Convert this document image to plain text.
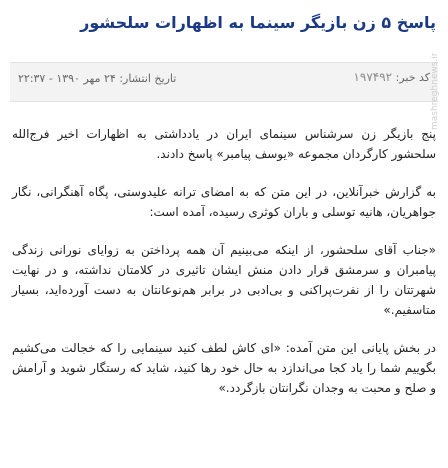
پاسخ ۵ زن بازیگر سینما به اظهارات سلحشور
کد خبر: ۱۹۷۴۹۲
تاریخ انتشار: ۲۴ مهر ۱۳۹۰ - ۲۲:۳۷

پنج بازیگر زن سرشناس سینمای ایران در یادداشتی به اظهارات اخیر فرج‌الله سلحشور کارگردان مجموعه «یوسف پیامبر» پاسخ دادند.

به گزارش خبرآنلاین، در این متن که به امضای ترانه علیدوستی، پگاه آهنگرانی، نگار جواهریان، هانیه توسلی و باران کوثری رسیده، آمده است:

«جناب آقای سلحشور، از اینکه می‌بینیم آن همه پرداختن به زوایای نورانی زندگی پیامبران و سرمشق قرار دادن منش ایشان تاثیری در کلامتان نداشته، و در نهایت شهرتتان را از نفرت‌پراکنی و بی‌ادبی در برابر هم‌نوعانتان به دست آورده‌اید، بسیار متاسفیم.»

در بخش پایانی این متن آمده: «ای کاش لطف کنید سینمایی را که خجالت می‌کشیم بگوییم شما را یاد کجا می‌اندازد به حال خود رها کنید، شاید که رستگار شوید و آرامش و صلح و محبت به وجدان نگرانتان بازگردد.»

mashreghnews.ir
